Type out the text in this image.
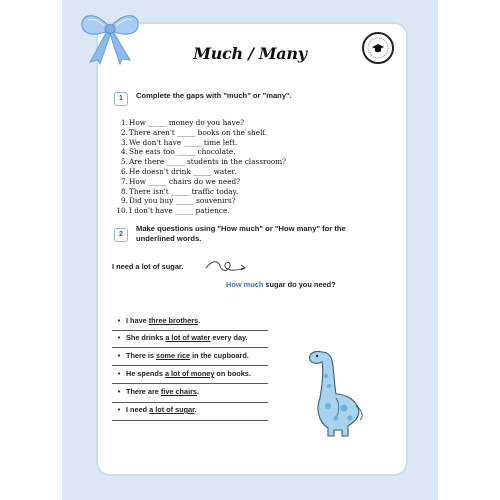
Much / Many
1	Complete the gaps with "much" or "many".
1.How _____ money do you have?
2.There aren't _____ books on the shelf.
3.We don't have _____ time left.
4.She eats too _____ chocolate.
5.Are there _____ students in the classroom?
6.He doesn't drink _____ water.
7.How _____ chairs do we need?
8.There isn't _____ traffic today.
9.Did you buy _____ souvenirs?
10.I don't have _____ patience.
2
Make questions using "How much" or "How many" for the
underlined words.
I need a lot of sugar.
How much sugar do you need?
• I have three brothers.
• She drinks a lot of water every day.
• There is some rice in the cupboard.
• He spends a lot of money on books.
• There are five chairs.
• I need a lot of sugar.
